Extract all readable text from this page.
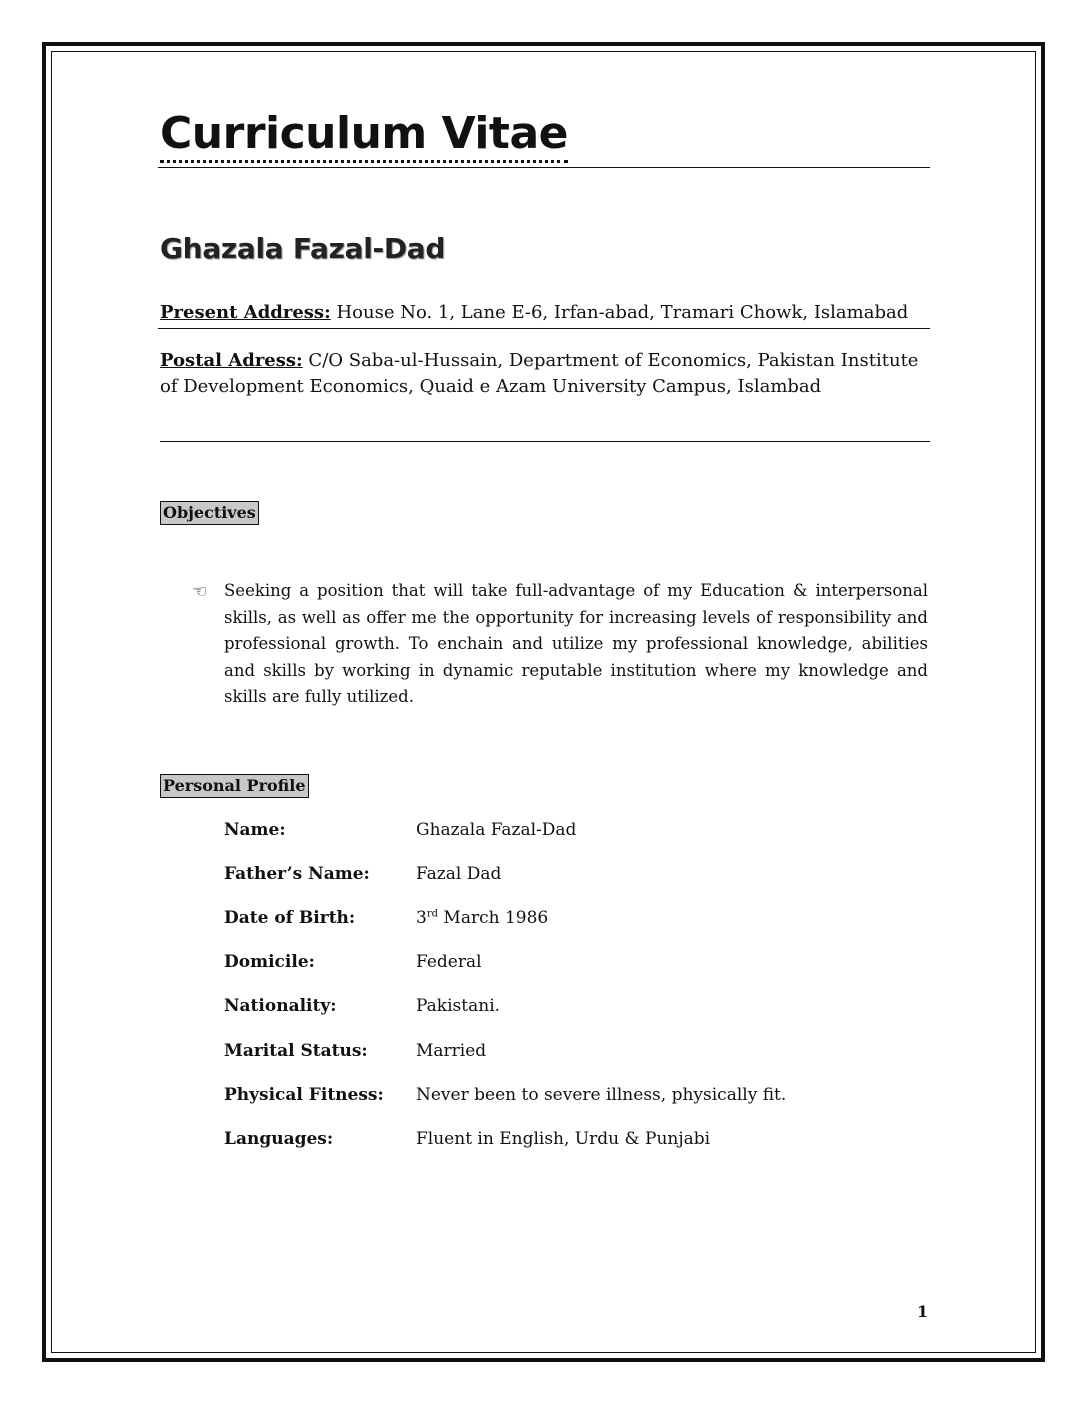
Curriculum Vitae
Ghazala Fazal-Dad
Present Address: House No. 1, Lane E-6, Irfan-abad, Tramari Chowk, Islamabad
Postal Adress: C/O Saba-ul-Hussain, Department of Economics, Pakistan Institute of Development Economics, Quaid e Azam University Campus, Islambad
Objectives
☜ Seeking a position that will take full-advantage of my Education & interpersonal skills, as well as offer me the opportunity for increasing levels of responsibility and professional growth. To enchain and utilize my professional knowledge, abilities and skills by working in dynamic reputable institution where my knowledge and skills are fully utilized.
Personal Profile
Name:	Ghazala Fazal-Dad
Father’s Name:	Fazal Dad
Date of Birth:	3rd March 1986
Domicile:	Federal
Nationality:	Pakistani.
Marital Status:	Married
Physical Fitness: Never been to severe illness, physically fit.
Languages:	Fluent in English, Urdu & Punjabi
1
